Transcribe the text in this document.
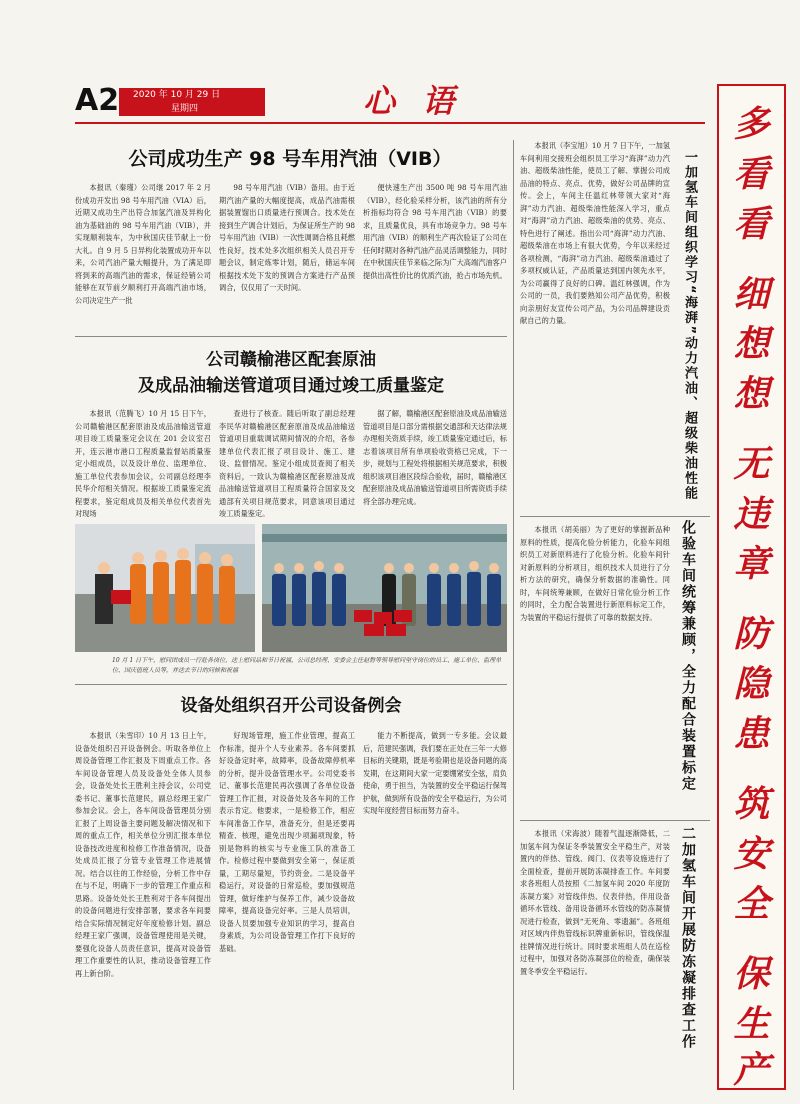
A2 2020 年 10 月 29 日
星期四	心 语
公司成功生产 98 号车用汽油（VIB）

本报讯（秦瑾）公司继 2017 年 2 月份成功开发出 98 号车用汽油（VIA）后，近期又成功生产出符合加氢汽油及异构化油为基础油的 98 号车用汽油（VIB），并实现顺利装车，为中秋国庆佳节献上一份大礼。自 9 月 5 日异构化装置成功开车以来，公司汽油产量大幅提升，为了满足即将到来的高端汽油的需求，保证经销公司能够在双节前夕顺利打开高端汽油市场，公司决定生产一批

98 号车用汽油（VIB）备用。由于近期汽油产量的大幅度提高，成品汽油需根据装置馏出口质量进行预调合。技术处在接到生产调合计划后，为保证所生产的 98 号车用汽油（VIB）一次性调调合格且耗燃性良好，技术处多次组织相关人员召开专题会议，制定炼零计划，随后，储运车间根据技术处下发的预调合方案进行产品预调合，仅仅用了一天时间。

便快速生产出 3500 吨 98 号车用汽油（VIB），经化验采样分析，该汽油的所有分析指标均符合 98 号车用汽油（VIB）的要求，且质量优良，具有市场竞争力。98 号车用汽油（VIB）的顺利生产再次验证了公司在任何时期对各种汽油产品灵活调整能力，同时在中秋国庆佳节来临之际为广大高端汽油客户提供出高性价比的优质汽油，抢占市场先机。

公司赣榆港区配套原油
及成品油输送管道项目通过竣工质量鉴定

本报讯（范腾飞）10 月 15 日下午，公司赣榆港区配套原油及成品油输送管道项目竣工质量鉴定会议在 201 会议室召开，连云港市港口工程质量监督站质量鉴定小组成员，以及设计单位、监理单位、施工单位代表参加会议，公司副总经理李民华介绍相关情况。根据竣工质量鉴定流程要求，鉴定组成员及相关单位代表首先对现场

查进行了核查。随后听取了副总经理李民华对赣榆港区配套原油及成品油输送管道项目重载调试期间情况的介绍，各参建单位代表汇报了项目设计、施工、建设、监督情况。鉴定小组成员查阅了相关资料后，一致认为赣榆港区配套原油及成品油输送管道项目工程质量符合国家及交通部有关项目规范要求，同意该项目通过竣工质量鉴定。

据了解，赣榆港区配套原油及成品油输送管道项目是口部分需根据交通部和天达律法规办理相关资质手续，竣工质量鉴定通过后，标志着该项目所有单项验收资格已完成，下一步，规划与工程处将根据相关规范要求，积极组织该项目港区段综合验收，届时，赣榆港区配套原油及成品油输送管道项目所需资质手续将全部办理完成。

10 月 1 日下午，慰问团成员一行赴各岗位，送上慰问品和节日祝福，公司总经理、安委会主任赵磐等领导慰问坚守岗位的员工、施工单位、监理单位、国庆值班人员等，并送去节日的问候和祝福
设备处组织召开公司设备例会

本报讯（朱雪印）10 月 13 日上午，设备处组织召开设备例会。听取各单位上周设备管理工作汇报及下周重点工作。各车间设备管理人员及设备处全体人员参会，设备处处长王胜利主持会议，公司党委书记、董事长范建民，副总经理王家广参加会议。会上，各车间设备管理员分别汇报了上周设备主要问题及解决情况和下周的重点工作，相关单位分别汇报本单位设备技改进度和检修工作准备情况，设备处成员汇报了分管专业管理工作进展情况。结合以往的工作经验，分析工作中存在与不足，明确下一步的管理工作重点和思路。设备处处长王胜利对于各车间提出的设备问题进行安排部署，要求各车间要结合实际情况制定好年度检修计划。副总经理王家广强调，设备管理使用是关键，要强化设备人员责任意识，提高对设备管理工作重要性的认识，推动设备管理工作再上新台阶。

好现场管理，施工作业管理，提高工作标准，提升个人专业素养。各车间要抓好设备定时率，故障率，设备故障停机率的分析，提升设备管理水平。公司党委书记、董事长范建民再次强调了各单位设备管理工作汇报，对设备处及各车间的工作表示肯定。他要求，一是检修工作，相应车间准备工作早，准备充分，但是还要再精查、核理，避免出现少项漏项现象，特别是物料的核实与专业施工队的准备工作。检修过程中要做到安全第一，保证质量，工期尽量短，节约资金。二是设备平稳运行，对设备的日常巡检，要加强规范管理，做好维护与保养工作，减少设备故障率，提高设备完好率。三是人员培训，设备人员要加强专业知识的学习，提高自身素质，为公司设备管理工作打下良好的基础。

能力不断提高，做到一专多能。会议最后，范建民强调，我们要在正处在三年一大修目标的关键期，既是考验期也是设备问题的高发期，在这期间大家一定要绷紧安全弦，肩负使命，勇于担当，为装置的安全平稳运行保驾护航，做到所有设备的安全平稳运行，为公司实现年度经营目标而努力奋斗。

本报讯（李宝旭）10 月 7 日下午，一加氢车间利用交接班会组织员工学习“海湃”动力汽油、超级柴油性能，使员工了解、掌握公司成品油的特点、亮点、优势，做好公司品牌的宣传。会上，车间主任温红林带领大家对“海湃”动力汽油、超级柴油性能深入学习，重点对“海湃”动力汽油、超级柴油的优势、亮点、特色进行了阐述。指出公司“海湃”动力汽油、超级柴油在市场上有很大优势，今年以来经过各项检测，“海湃”动力汽油、超级柴油通过了多项权威认证，产品质量达到国内领先水平，为公司赢得了良好的口碑。温红林强调，作为公司的一员，我们要熟知公司产品优势，积极向亲朋好友宣传公司产品，为公司品牌建设贡献自己的力量。	一加氢车间组织学习“海湃”动力汽油、超级柴油性能

本报讯（胡美丽）为了更好的掌握新品种原料的性质，提高化验分析能力，化验车间组织员工对新原料进行了化验分析。化验车间针对新原料的分析项目，组织技术人员进行了分析方法的研究，确保分析数据的准确性。同时，车间统筹兼顾，在做好日常化验分析工作的同时，全力配合装置进行新原料标定工作，为装置的平稳运行提供了可靠的数据支持。	化验车间统筹兼顾，全力配合装置标定

本报讯（宋海波）随着气温逐渐降低，二加氢车间为保证冬季装置安全平稳生产，对装置内的伴热、管线、阀门、仪表等设施进行了全面检查，提前开展防冻凝排查工作。车间要求各班组人员按照《二加氢车间 2020 年度防冻凝方案》对管线伴热、仪表伴热，伴用设备循环水管线、备用设备循环水管线的防冻凝情况进行检查，做到“无死角、零遗漏”。各班组对区域内伴热管线标识牌重新标识，管线保温挂牌情况进行统计。同时要求班组人员在巡检过程中，加强对各防冻凝部位的检查，确保装置冬季安全平稳运行。	二加氢车间开展防冻凝排查工作
多
看
看
细
想
想
无
违
章
防
隐
患
筑
安
全
保
生
产
